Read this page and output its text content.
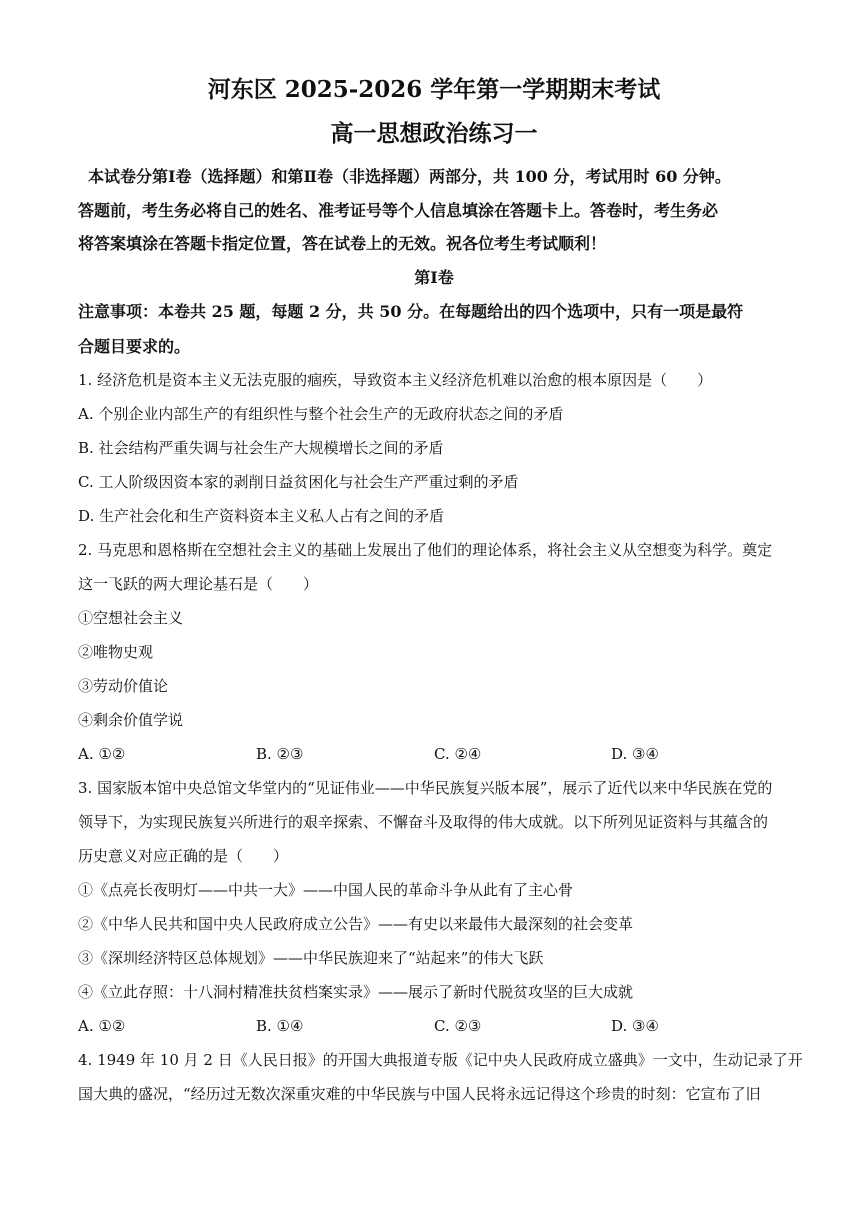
河东区 2025-2026 学年第一学期期末考试
高一思想政治练习一
本试卷分第Ⅰ卷（选择题）和第Ⅱ卷（非选择题）两部分，共 100 分，考试用时 60 分钟。
答题前，考生务必将自己的姓名、准考证号等个人信息填涂在答题卡上。答卷时，考生务必
将答案填涂在答题卡指定位置，答在试卷上的无效。祝各位考生考试顺利！
第Ⅰ卷
注意事项：本卷共 25 题，每题 2 分，共 50 分。在每题给出的四个选项中，只有一项是最符
合题目要求的。
1. 经济危机是资本主义无法克服的痼疾，导致资本主义经济危机难以治愈的根本原因是（　　）
A. 个别企业内部生产的有组织性与整个社会生产的无政府状态之间的矛盾
B. 社会结构严重失调与社会生产大规模增长之间的矛盾
C. 工人阶级因资本家的剥削日益贫困化与社会生产严重过剩的矛盾
D. 生产社会化和生产资料资本主义私人占有之间的矛盾
2. 马克思和恩格斯在空想社会主义的基础上发展出了他们的理论体系，将社会主义从空想变为科学。奠定
这一飞跃的两大理论基石是（　　）
①空想社会主义
②唯物史观
③劳动价值论
④剩余价值学说
A. ①②	B. ②③	C. ②④	D. ③④
3. 国家版本馆中央总馆文华堂内的“见证伟业——中华民族复兴版本展”，展示了近代以来中华民族在党的
领导下，为实现民族复兴所进行的艰辛探索、不懈奋斗及取得的伟大成就。以下所列见证资料与其蕴含的
历史意义对应正确的是（　　）
①《点亮长夜明灯——中共一大》——中国人民的革命斗争从此有了主心骨
②《中华人民共和国中央人民政府成立公告》——有史以来最伟大最深刻的社会变革
③《深圳经济特区总体规划》——中华民族迎来了“站起来”的伟大飞跃
④《立此存照：十八洞村精准扶贫档案实录》——展示了新时代脱贫攻坚的巨大成就
A. ①②	B. ①④	C. ②③	D. ③④
4. 1949 年 10 月 2 日《人民日报》的开国大典报道专版《记中央人民政府成立盛典》一文中，生动记录了开
国大典的盛况，“经历过无数次深重灾难的中华民族与中国人民将永远记得这个珍贵的时刻：它宣布了旧
